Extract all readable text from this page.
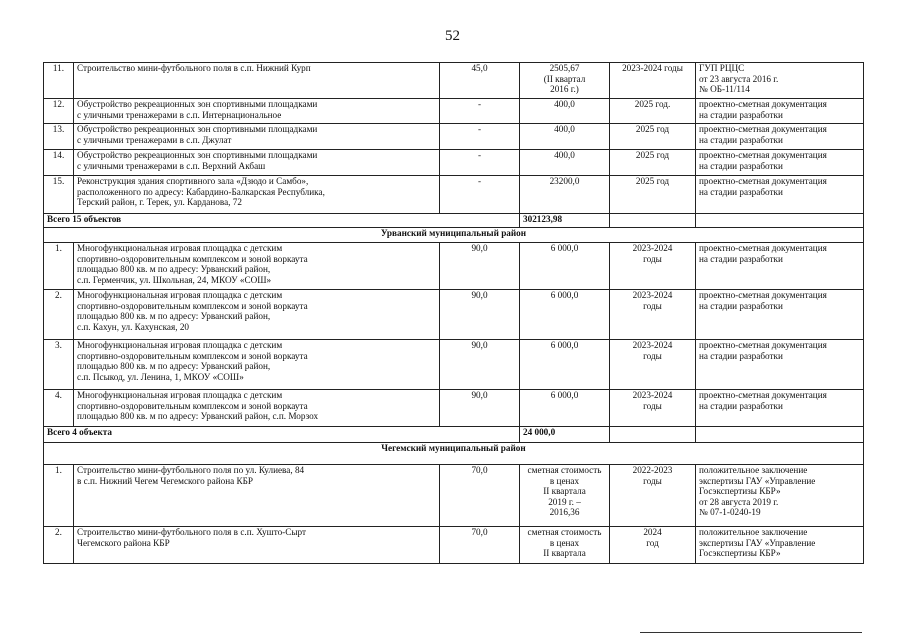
52
11.	Строительство мини-футбольного поля в с.п. Нижний Курп	45,0	2505,67
(II квартал
2016 г.)	2023-2024 годы	ГУП РЦЦС
от 23 августа 2016 г.
№ ОБ-11/114
12.	Обустройство рекреационных зон спортивными площадками
с уличными тренажерами в с.п. Интернациональное	-	400,0	2025 год.	проектно-сметная документация
на стадии разработки
13.	Обустройство рекреационных зон спортивными площадками
с уличными тренажерами в с.п. Джулат	-	400,0	2025 год	проектно-сметная документация
на стадии разработки
14.	Обустройство рекреационных зон спортивными площадками
с уличными тренажерами в с.п. Верхний Акбаш	-	400,0	2025 год	проектно-сметная документация
на стадии разработки
15.	Реконструкция здания спортивного зала «Дзюдо и Самбо»,
расположенного по адресу: Кабардино-Балкарская Республика,
Терский район, г. Терек, ул. Карданова, 72	-	23200,0	2025 год	проектно-сметная документация
на стадии разработки
Всего 15 объектов			302123,98		
Урванский муниципальный район					
1.	Многофункциональная игровая площадка с детским
спортивно-оздоровительным комплексом и зоной воркаута
площадью 800 кв. м по адресу: Урванский район,
с.п. Герменчик, ул. Школьная, 24, МКОУ «СОШ»	90,0	6 000,0	2023-2024
годы	проектно-сметная документация
на стадии разработки
2.	Многофункциональная игровая площадка с детским
спортивно-оздоровительным комплексом и зоной воркаута
площадью 800 кв. м по адресу: Урванский район,
с.п. Кахун, ул. Кахунская, 20	90,0	6 000,0	2023-2024
годы	проектно-сметная документация
на стадии разработки
3.	Многофункциональная игровая площадка с детским
спортивно-оздоровительным комплексом и зоной воркаута
площадью 800 кв. м по адресу: Урванский район,
с.п. Псыкод, ул. Ленина, 1, МКОУ «СОШ»	90,0	6 000,0	2023-2024
годы	проектно-сметная документация
на стадии разработки
4.	Многофункциональная игровая площадка с детским
спортивно-оздоровительным комплексом и зоной воркаута
площадью 800 кв. м по адресу: Урванский район, с.п. Морзох	90,0	6 000,0	2023-2024
годы	проектно-сметная документация
на стадии разработки
Всего 4 объекта			24 000,0		
Чегемский муниципальный район					
1.	Строительство мини-футбольного поля по ул. Кулиева, 84
в с.п. Нижний Чегем Чегемского района КБР	70,0	сметная стоимость
в ценах
II квартала
2019 г. –
2016,36	2022-2023
годы	положительное заключение
экспертизы ГАУ «Управление
Госэкспертизы КБР»
от 28 августа 2019 г.
№ 07-1-0240-19
2.	Строительство мини-футбольного поля в с.п. Хушто-Сырт
Чегемского района КБР	70,0	сметная стоимость
в ценах
II квартала	2024
год	положительное заключение
экспертизы ГАУ «Управление
Госэкспертизы КБР»
